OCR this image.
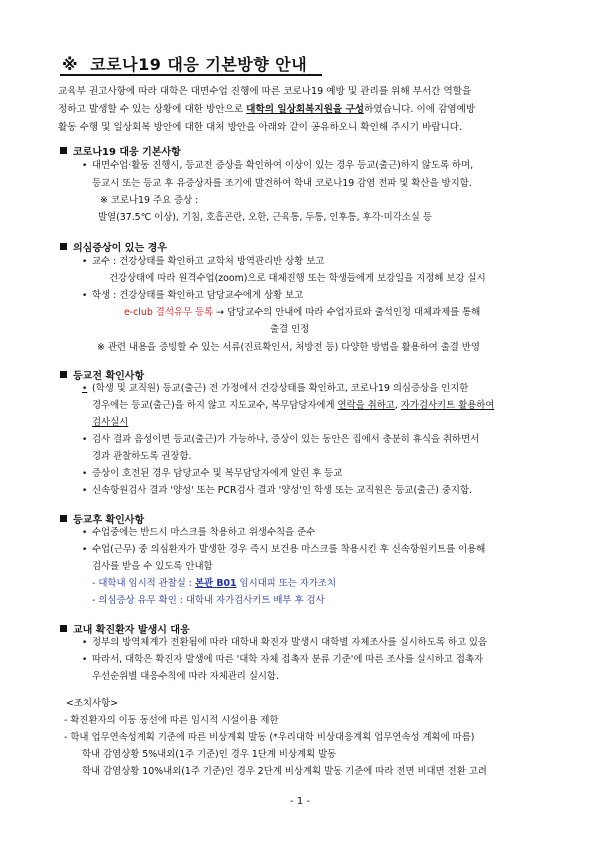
※ 코로나19 대응 기본방향 안내
교육부 권고사항에 따라 대학은 대면수업 진행에 따른 코로나19 예방 및 관리를 위해 부서간 역할을
정하고 발생할 수 있는 상황에 대한 방안으로 대학의 일상회복지원을 구성하였습니다. 이에 감염예방
활동 수행 및 일상회복 방안에 대한 대처 방안을 아래와 같이 공유하오니 확인해 주시기 바랍니다.
코로나19 대응 기본사항
• 대면수업·활동 진행시, 등교전 증상을 확인하여 이상이 있는 경우 등교(출근)하지 않도록 하며,
등교시 또는 등교 후 유증상자를 조기에 발견하여 학내 코로나19 감염 전파 및 확산을 방지함.
※ 코로나19 주요 증상 :
발열(37.5℃ 이상), 기침, 호흡곤란, 오한, 근육통, 두통, 인후통, 후각·미각소실 등
의심증상이 있는 경우
• 교수 : 건강상태를 확인하고 교학처 방역관리반 상황 보고
건강상태에 따라 원격수업(zoom)으로 대체진행 또는 학생들에게 보강일을 지정해 보강 실시
• 학생 : 건강상태를 확인하고 담당교수에게 상황 보고
e-club 결석유무 등록 → 담당교수의 안내에 따라 수업자료와 출석인정 대체과제를 통해
출결 인정
※ 관련 내용을 증빙할 수 있는 서류(진료확인서, 처방전 등) 다양한 방법을 활용하여 출결 반영
등교전 확인사항
• (학생 및 교직원) 등교(출근) 전 가정에서 건강상태를 확인하고, 코로나19 의심증상을 인지한
경우에는 등교(출근)을 하지 않고 지도교수, 복무담당자에게 연락을 취하고, 자가검사키트 활용하여
검사실시
• 검사 결과 음성이면 등교(출근)가 가능하나, 증상이 있는 동안은 집에서 충분히 휴식을 취하면서
경과 관찰하도록 권장함.
• 증상이 호전된 경우 담당교수 및 복무담당자에게 알린 후 등교
• 신속항원검사 결과 '양성' 또는 PCR검사 결과 '양성'인 학생 또는 교직원은 등교(출근) 중지함.
등교후 확인사항
• 수업중에는 반드시 마스크를 착용하고 위생수칙을 준수
• 수업(근무) 중 의심환자가 발생한 경우 즉시 보건용 마스크를 착용시킨 후 신속항원키트를 이용해
검사를 받을 수 있도록 안내함
- 대학내 임시적 관찰실 : 본관 B01 임시대피 또는 자가조치
- 의심증상 유무 확인 : 대학내 자가검사키트 배부 후 검사
교내 확진환자 발생시 대응
• 정부의 방역체계가 전환됨에 따라 대학내 확진자 발생시 대학별 자체조사를 실시하도록 하고 있음
• 따라서, 대학은 확진자 발생에 따른 '대학 자체 접촉자 분류 기준'에 따른 조사를 실시하고 접촉자
우선순위별 대응수칙에 따라 자체관리 실시함.
<조치사항>
- 확진환자의 이동 동선에 따른 임시적 시설이용 제한
- 학내 업무연속성계획 기준에 따른 비상계획 발동 (*우리대학 비상대응계획 업무연속성 계획에 따름)
학내 감염상황 5%내외(1주 기준)인 경우 1단계 비상계획 발동
학내 감염상황 10%내외(1주 기준)인 경우 2단계 비상계획 발동 기준에 따라 전면 비대면 전환 고려
- 1 -
